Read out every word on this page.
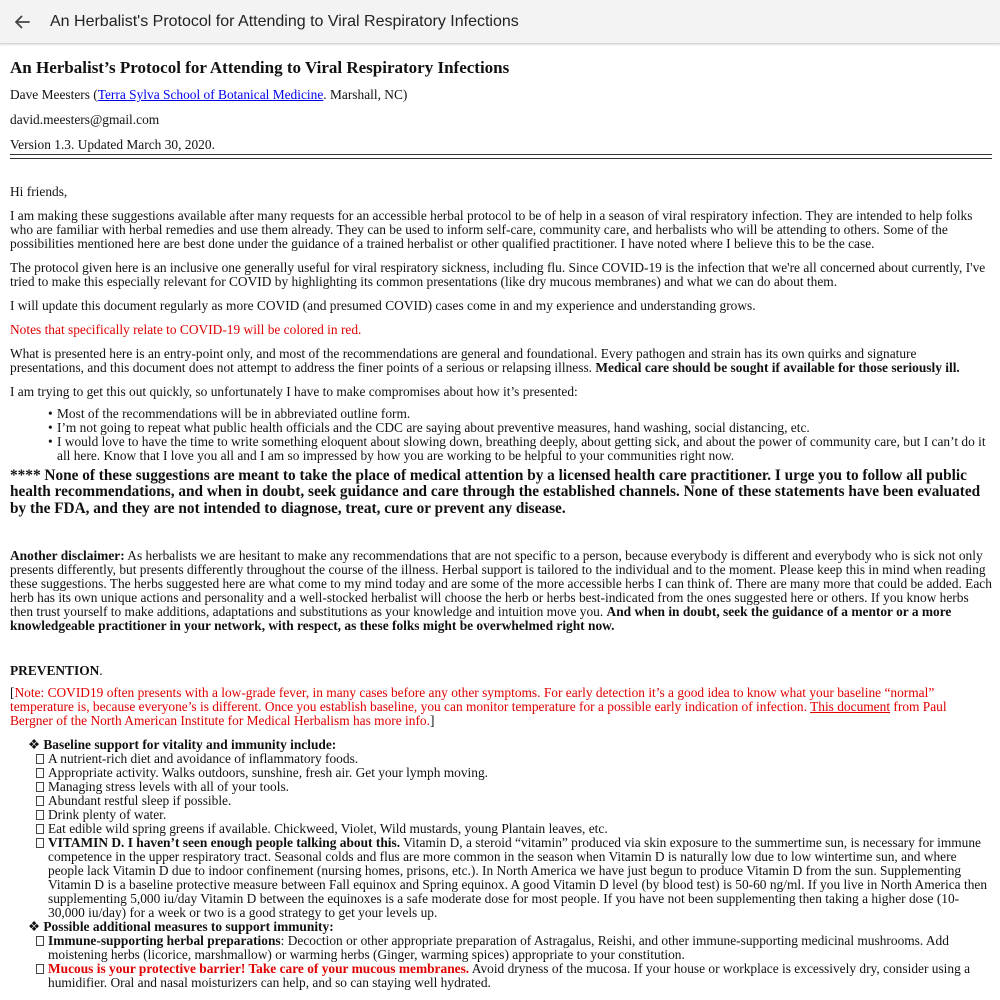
An Herbalist's Protocol for Attending to Viral Respiratory Infections
An Herbalist’s Protocol for Attending to Viral Respiratory Infections
Dave Meesters (Terra Sylva School of Botanical Medicine. Marshall, NC)
david.meesters@gmail.com
Version 1.3. Updated March 30, 2020.

Hi friends,

I am making these suggestions available after many requests for an accessible herbal protocol to be of help in a season of viral respiratory infection. They are intended to help folks who are familiar with herbal remedies and use them already. They can be used to inform self-care, community care, and herbalists who will be attending to others. Some of the possibilities mentioned here are best done under the guidance of a trained herbalist or other qualified practitioner. I have noted where I believe this to be the case.

The protocol given here is an inclusive one generally useful for viral respiratory sickness, including flu. Since COVID-19 is the infection that we're all concerned about currently, I've tried to make this especially relevant for COVID by highlighting its common presentations (like dry mucous membranes) and what we can do about them.

I will update this document regularly as more COVID (and presumed COVID) cases come in and my experience and understanding grows.

Notes that specifically relate to COVID-19 will be colored in red.

What is presented here is an entry-point only, and most of the recommendations are general and foundational. Every pathogen and strain has its own quirks and signature presentations, and this document does not attempt to address the finer points of a serious or relapsing illness. Medical care should be sought if available for those seriously ill.

I am trying to get this out quickly, so unfortunately I have to make compromises about how it’s presented:

• Most of the recommendations will be in abbreviated outline form.
• I’m not going to repeat what public health officials and the CDC are saying about preventive measures, hand washing, social distancing, etc.
• I would love to have the time to write something eloquent about slowing down, breathing deeply, about getting sick, and about the power of community care, but I can’t do it all here. Know that I love you all and I am so impressed by how you are working to be helpful to your communities right now.
**** None of these suggestions are meant to take the place of medical attention by a licensed health care practitioner. I urge you to follow all public health recommendations, and when in doubt, seek guidance and care through the established channels. None of these statements have been evaluated by the FDA, and they are not intended to diagnose, treat, cure or prevent any disease.

Another disclaimer: As herbalists we are hesitant to make any recommendations that are not specific to a person, because everybody is different and everybody who is sick not only presents differently, but presents differently throughout the course of the illness. Herbal support is tailored to the individual and to the moment. Please keep this in mind when reading these suggestions. The herbs suggested here are what come to my mind today and are some of the more accessible herbs I can think of. There are many more that could be added. Each herb has its own unique actions and personality and a well-stocked herbalist will choose the herb or herbs best-indicated from the ones suggested here or others. If you know herbs then trust yourself to make additions, adaptations and substitutions as your knowledge and intuition move you. And when in doubt, seek the guidance of a mentor or a more knowledgeable practitioner in your network, with respect, as these folks might be overwhelmed right now.

PREVENTION.

[Note: COVID19 often presents with a low-grade fever, in many cases before any other symptoms. For early detection it’s a good idea to know what your baseline “normal” temperature is, because everyone’s is different. Once you establish baseline, you can monitor temperature for a possible early indication of infection. This document from Paul Bergner of the North American Institute for Medical Herbalism has more info.]

❖ Baseline support for vitality and immunity include:
A nutrient-rich diet and avoidance of inflammatory foods.
Appropriate activity. Walks outdoors, sunshine, fresh air. Get your lymph moving.
Managing stress levels with all of your tools.
Abundant restful sleep if possible.
Drink plenty of water.
Eat edible wild spring greens if available. Chickweed, Violet, Wild mustards, young Plantain leaves, etc.
VITAMIN D. I haven’t seen enough people talking about this. Vitamin D, a steroid “vitamin” produced via skin exposure to the summertime sun, is necessary for immune competence in the upper respiratory tract. Seasonal colds and flus are more common in the season when Vitamin D is naturally low due to low wintertime sun, and where people lack Vitamin D due to indoor confinement (nursing homes, prisons, etc.). In North America we have just begun to produce Vitamin D from the sun. Supplementing Vitamin D is a baseline protective measure between Fall equinox and Spring equinox. A good Vitamin D level (by blood test) is 50-60 ng/ml. If you live in North America then supplementing 5,000 iu/day Vitamin D between the equinoxes is a safe moderate dose for most people. If you have not been supplementing then taking a higher dose (10-30,000 iu/day) for a week or two is a good strategy to get your levels up.
❖ Possible additional measures to support immunity:
Immune-supporting herbal preparations: Decoction or other appropriate preparation of Astragalus, Reishi, and other immune-supporting medicinal mushrooms. Add moistening herbs (licorice, marshmallow) or warming herbs (Ginger, warming spices) appropriate to your constitution.
Mucous is your protective barrier! Take care of your mucous membranes. Avoid dryness of the mucosa. If your house or workplace is excessively dry, consider using a humidifier. Oral and nasal moisturizers can help, and so can staying well hydrated.
